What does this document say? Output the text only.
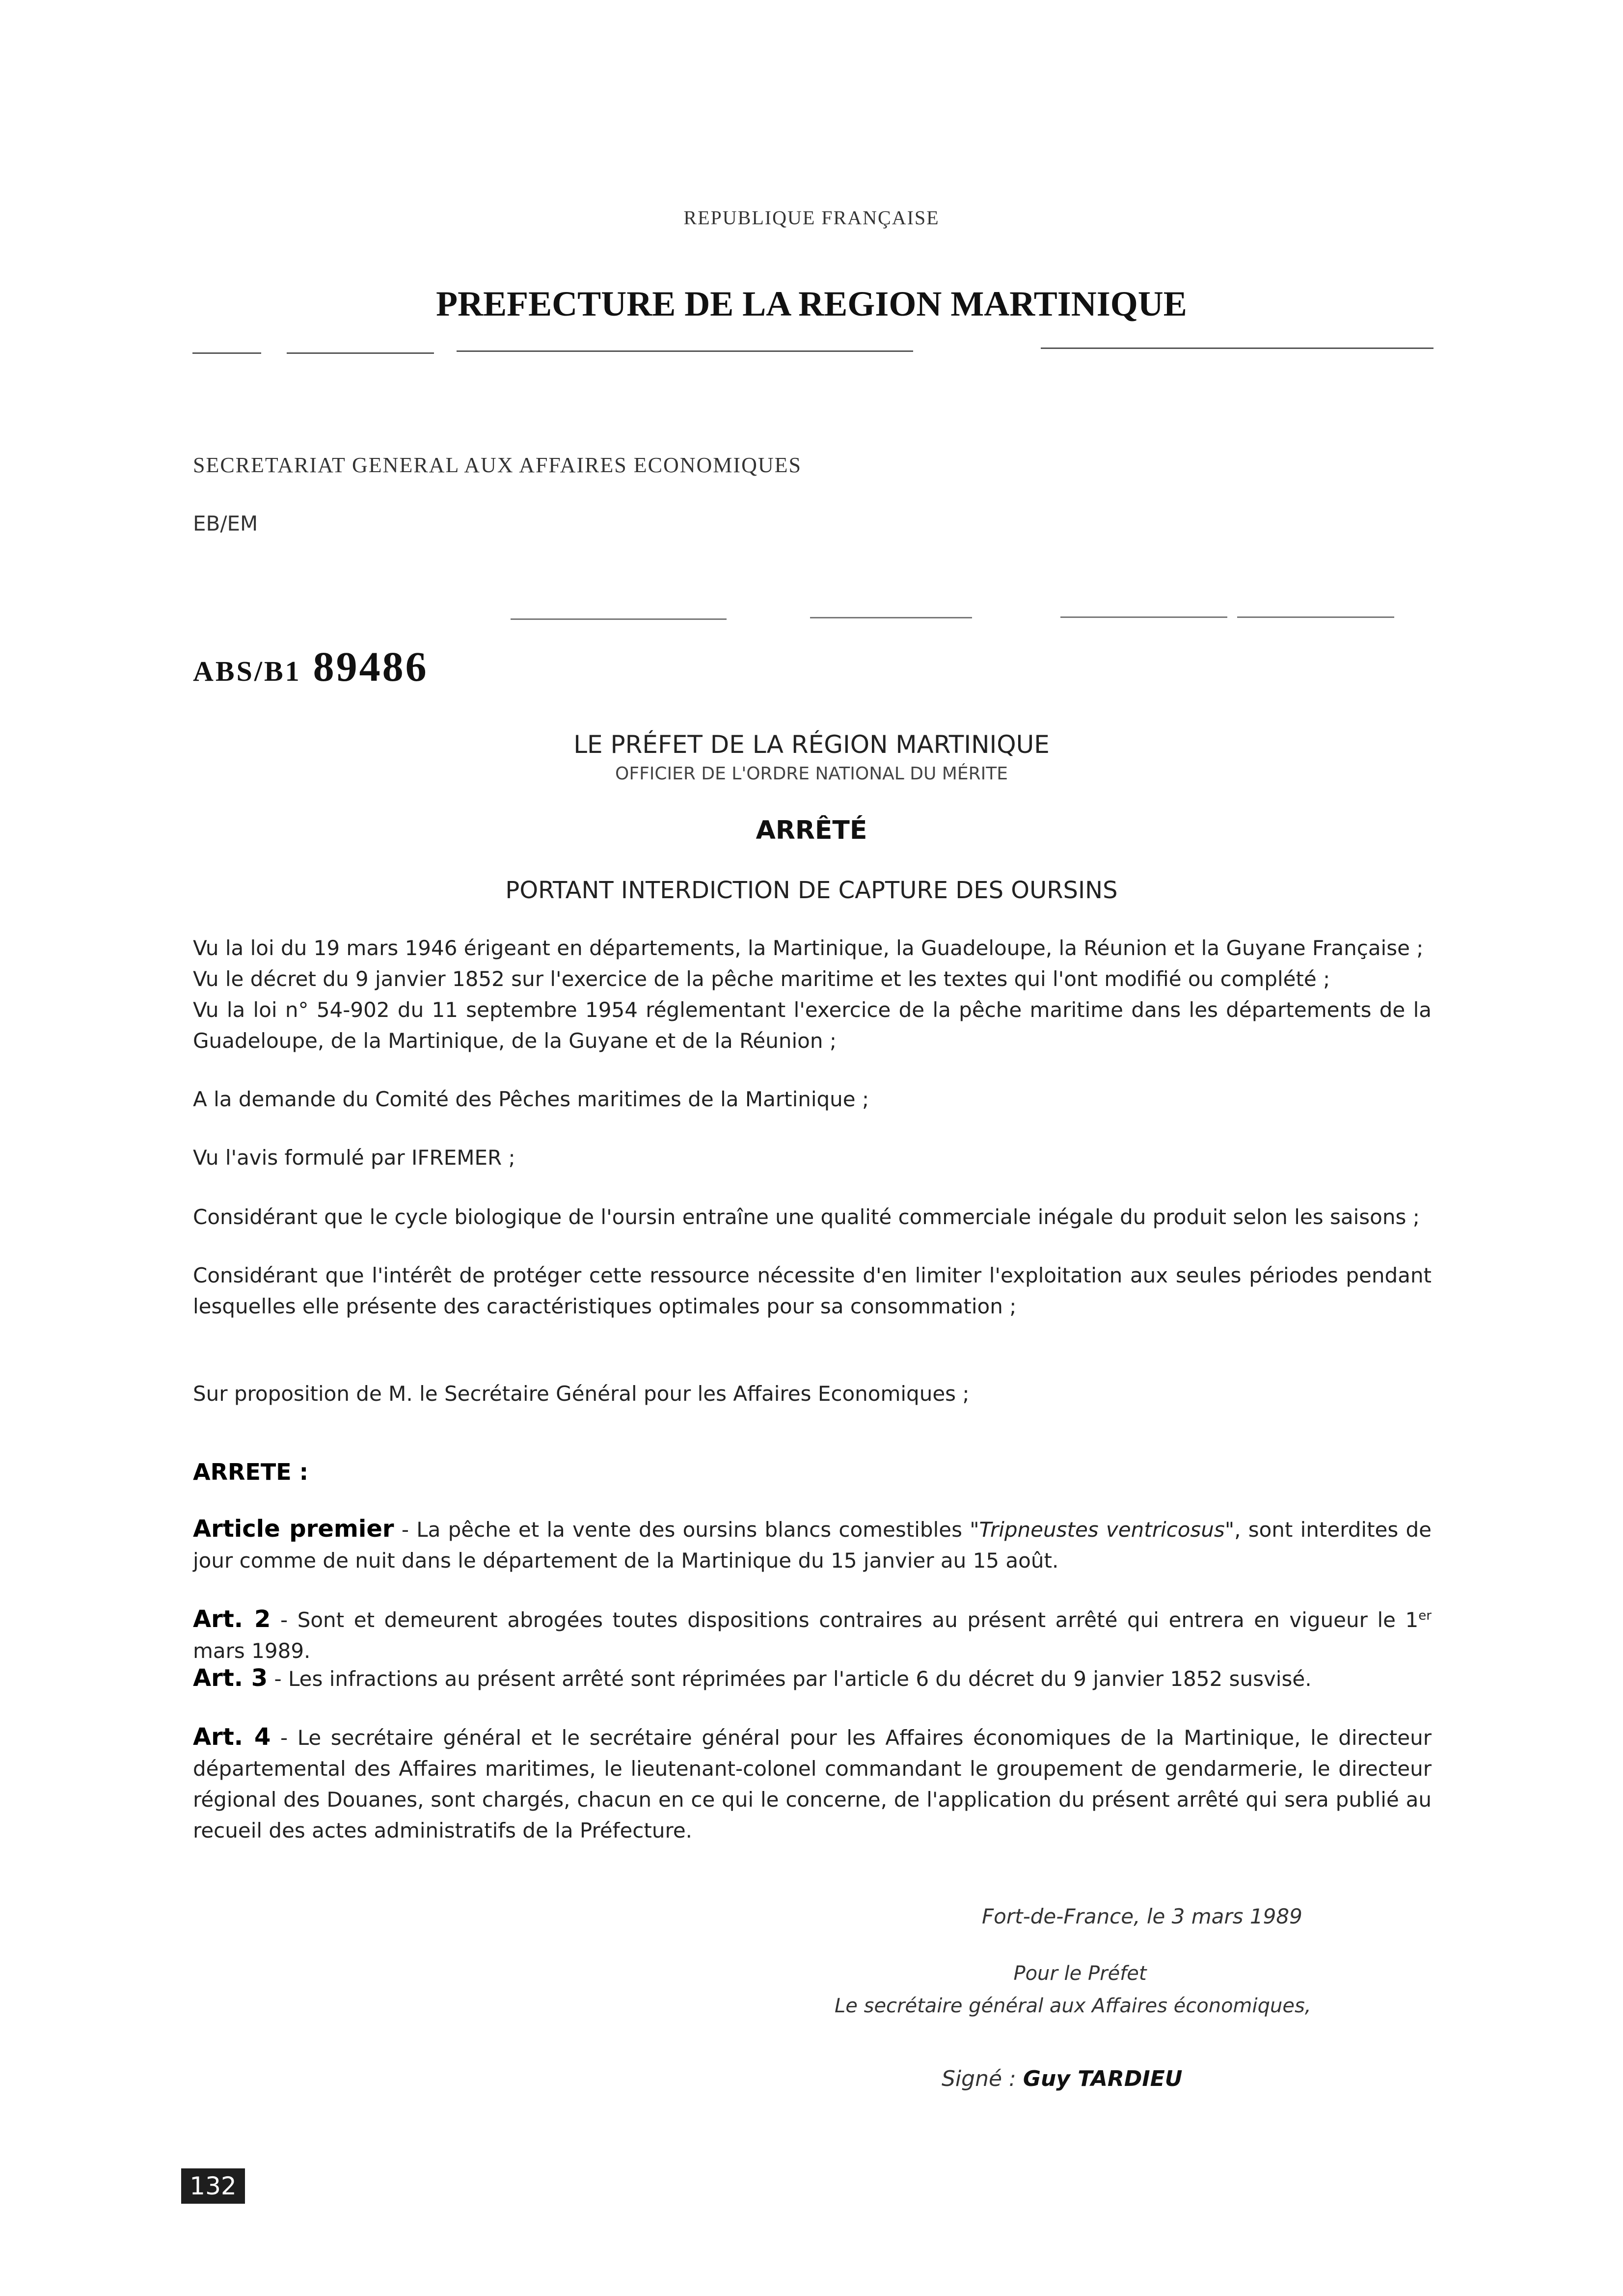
REPUBLIQUE FRANÇAISE
PREFECTURE DE LA REGION MARTINIQUE
SECRETARIAT GENERAL AUX AFFAIRES ECONOMIQUES
EB/EM
ABS/B1 89486
LE PRÉFET DE LA RÉGION MARTINIQUE
OFFICIER DE L'ORDRE NATIONAL DU MÉRITE
ARRÊTÉ
PORTANT INTERDICTION DE CAPTURE DES OURSINS

Vu la loi du 19 mars 1946 érigeant en départements, la Martinique, la Guadeloupe, la Réunion et la Guyane Française ;

Vu le décret du 9 janvier 1852 sur l'exercice de la pêche maritime et les textes qui l'ont modifié ou complété ;

Vu la loi n° 54-902 du 11 septembre 1954 réglementant l'exercice de la pêche maritime dans les départements de la Guadeloupe, de la Martinique, de la Guyane et de la Réunion ;

A la demande du Comité des Pêches maritimes de la Martinique ;
Vu l'avis formulé par IFREMER ;
Considérant que le cycle biologique de l'oursin entraîne une qualité commerciale inégale du produit selon les saisons ;
Considérant que l'intérêt de protéger cette ressource nécessite d'en limiter l'exploitation aux seules périodes pendant lesquelles elle présente des caractéristiques optimales pour sa consommation ;
Sur proposition de M. le Secrétaire Général pour les Affaires Economiques ;
ARRETE :
Article premier - La pêche et la vente des oursins blancs comestibles "Tripneustes ventricosus", sont interdites de jour comme de nuit dans le département de la Martinique du 15 janvier au 15 août.
Art. 2 - Sont et demeurent abrogées toutes dispositions contraires au présent arrêté qui entrera en vigueur le 1er mars 1989.
Art. 3 - Les infractions au présent arrêté sont réprimées par l'article 6 du décret du 9 janvier 1852 susvisé.
Art. 4 - Le secrétaire général et le secrétaire général pour les Affaires économiques de la Martinique, le directeur départemental des Affaires maritimes, le lieutenant-colonel commandant le groupement de gendarmerie, le directeur régional des Douanes, sont chargés, chacun en ce qui le concerne, de l'application du présent arrêté qui sera publié au recueil des actes administratifs de la Préfecture.
Fort-de-France, le 3 mars 1989
Pour le Préfet
Le secrétaire général aux Affaires économiques,
Signé : Guy TARDIEU
132
